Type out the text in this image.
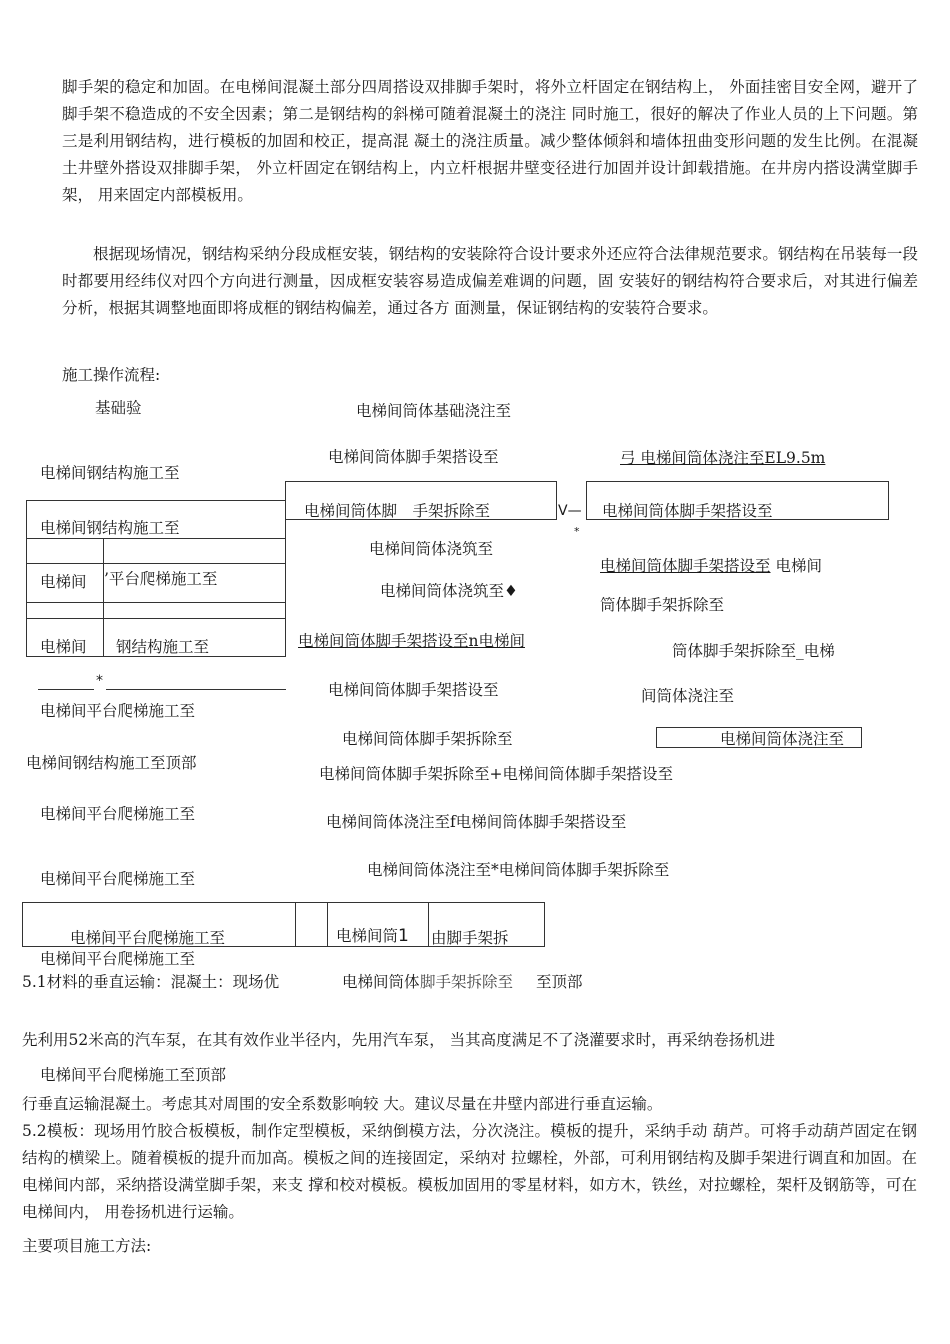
脚手架的稳定和加固。在电梯间混凝土部分四周搭设双排脚手架时，将外立杆固定在钢结构上， 外面挂密目安全网，避开了脚手架不稳造成的不安全因素；第二是钢结构的斜梯可随着混凝土的浇注 同时施工，很好的解决了作业人员的上下问题。第三是利用钢结构，进行模板的加固和校正，提高混 凝土的浇注质量。减少整体倾斜和墙体扭曲变形问题的发生比例。在混凝土井壁外搭设双排脚手架， 外立杆固定在钢结构上，内立杆根据井壁变径进行加固并设计卸载措施。在井房内搭设满堂脚手架， 用来固定内部模板用。

根据现场情况，钢结构采纳分段成框安装，钢结构的安装除符合设计要求外还应符合法律规范要求。钢结构在吊装每一段时都要用经纬仪对四个方向进行测量，因成框安装容易造成偏差难调的问题，固 安装好的钢结构符合要求后，对其进行偏差分析，根据其调整地面即将成框的钢结构偏差，通过各方 面测量，保证钢结构的安装符合要求。

施工操作流程:
基础验
电梯间钢结构施工至
电梯间钢结构施工至
电梯间 ’平台爬梯施工至
电梯间 钢结构施工至
*
电梯间平台爬梯施工至
电梯间钢结构施工至顶部
电梯间平台爬梯施工至
电梯间平台爬梯施工至
电梯间平台爬梯施工至	电梯间筒1 由脚手架拆
电梯间平台爬梯施工至
电梯间筒体 脚手架拆除至 至顶部
电梯间筒体基础浇注至
电梯间筒体脚手架搭设至
电梯间筒体脚　手架拆除至	V—
*
电梯间筒体浇筑至
电梯间筒体浇筑至♦
电梯间筒体脚手架搭设至n电梯间
电梯间筒体脚手架搭设至
电梯间筒体脚手架拆除至
电梯间筒体脚手架拆除至+电梯间筒体脚手架搭设至
电梯间筒体浇注至f电梯间筒体脚手架搭设至
电梯间筒体浇注至*电梯间筒体脚手架拆除至
弓 电梯间筒体浇注至EL9.5m
电梯间筒体脚手架搭设至
电梯间筒体脚手架搭设至 电梯间
筒体脚手架拆除至
筒体脚手架拆除至_电梯
间筒体浇注至
电梯间筒体浇注至
5.1材料的垂直运输：混凝土：现场优
先利用52米高的汽车泵，在其有效作业半径内，先用汽车泵， 当其高度满足不了浇灌要求时，再采纳卷扬机进
电梯间平台爬梯施工至顶部
行垂直运输混凝土。考虑其对周围的安全系数影响较 大。建议尽量在井壁内部进行垂直运输。

5.2模板：现场用竹胶合板模板，制作定型模板，采纳倒模方法，分次浇注。模板的提升，采纳手动 葫芦。可将手动葫芦固定在钢结构的横梁上。随着模板的提升而加高。模板之间的连接固定，采纳对 拉螺栓，外部，可利用钢结构及脚手架进行调直和加固。在电梯间内部，采纳搭设满堂脚手架，来支 撑和校对模板。模板加固用的零星材料，如方木，铁丝，对拉螺栓，架杆及钢筋等，可在电梯间内， 用卷扬机进行运输。

主要项目施工方法:
